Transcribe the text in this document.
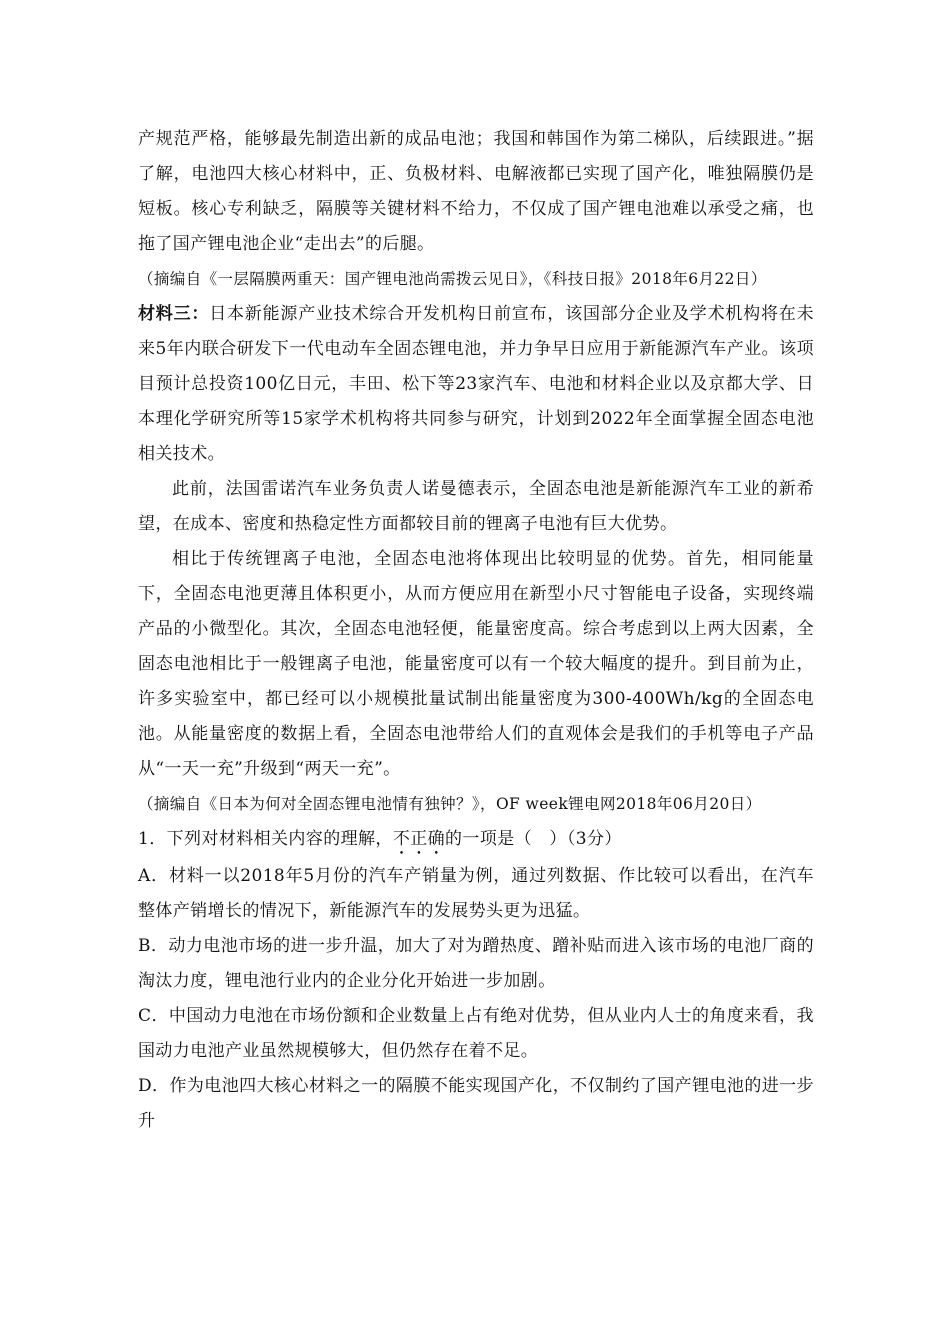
产规范严格，能够最先制造出新的成品电池；我国和韩国作为第二梯队，后续跟进。”据了解，电池四大核心材料中，正、负极材料、电解液都已实现了国产化，唯独隔膜仍是短板。核心专利缺乏，隔膜等关键材料不给力，不仅成了国产锂电池难以承受之痛，也拖了国产锂电池企业“走出去”的后腿。

（摘编自《一层隔膜两重天：国产锂电池尚需拨云见日》，《科技日报》2018年6月22日）

材料三：日本新能源产业技术综合开发机构日前宣布，该国部分企业及学术机构将在未来5年内联合研发下一代电动车全固态锂电池，并力争早日应用于新能源汽车产业。该项目预计总投资100亿日元，丰田、松下等23家汽车、电池和材料企业以及京都大学、日本理化学研究所等15家学术机构将共同参与研究，计划到2022年全面掌握全固态电池相关技术。

此前，法国雷诺汽车业务负责人诺曼德表示，全固态电池是新能源汽车工业的新希望，在成本、密度和热稳定性方面都较目前的锂离子电池有巨大优势。

相比于传统锂离子电池，全固态电池将体现出比较明显的优势。首先，相同能量下，全固态电池更薄且体积更小，从而方便应用在新型小尺寸智能电子设备，实现终端产品的小微型化。其次，全固态电池轻便，能量密度高。综合考虑到以上两大因素，全固态电池相比于一般锂离子电池，能量密度可以有一个较大幅度的提升。到目前为止，许多实验室中，都已经可以小规模批量试制出能量密度为300-400Wh/kg的全固态电池。从能量密度的数据上看，全固态电池带给人们的直观体会是我们的手机等电子产品从“一天一充”升级到“两天一充”。

（摘编自《日本为何对全固态锂电池情有独钟？》，OF week锂电网2018年06月20日）

1．下列对材料相关内容的理解，不正确的一项是（　）（3分）

A．材料一以2018年5月份的汽车产销量为例，通过列数据、作比较可以看出，在汽车整体产销增长的情况下，新能源汽车的发展势头更为迅猛。

B．动力电池市场的进一步升温，加大了对为蹭热度、蹭补贴而进入该市场的电池厂商的淘汰力度，锂电池行业内的企业分化开始进一步加剧。

C．中国动力电池在市场份额和企业数量上占有绝对优势，但从业内人士的角度来看，我国动力电池产业虽然规模够大，但仍然存在着不足。

D．作为电池四大核心材料之一的隔膜不能实现国产化，不仅制约了国产锂电池的进一步升
